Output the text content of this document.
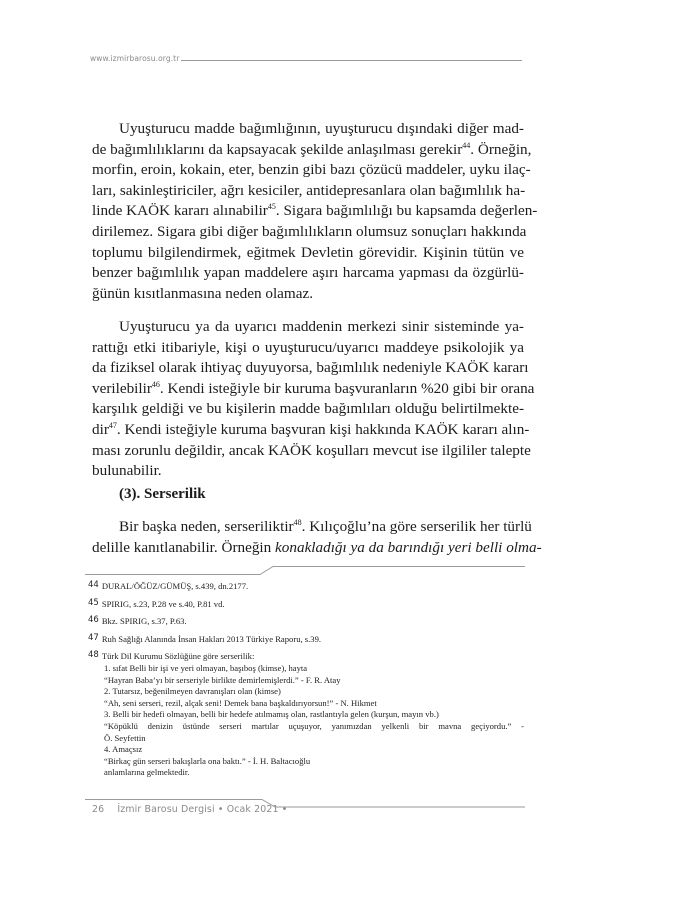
www.izmirbarosu.org.tr
Uyuşturucu madde bağımlığının, uyuşturucu dışındaki diğer mad-
de bağımlılıklarını da kapsayacak şekilde anlaşılması gerekir$^{44}$. Örneğin,
morfin, eroin, kokain, eter, benzin gibi bazı çözücü maddeler, uyku ilaç-
ları, sakinleştiriciler, ağrı kesiciler, antidepresanlara olan bağımlılık ha-
linde KAÖK kararı alınabilir$^{45}$. Sigara bağımlılığı bu kapsamda değerlen-
dirilemez. Sigara gibi diğer bağımlılıkların olumsuz sonuçları hakkında
toplumu bilgilendirmek, eğitmek Devletin görevidir. Kişinin tütün ve
benzer bağımlılık yapan maddelere aşırı harcama yapması da özgürlü-
ğünün kısıtlanmasına neden olamaz.
Uyuşturucu ya da uyarıcı maddenin merkezi sinir sisteminde ya-
rattığı etki itibariyle, kişi o uyuşturucu/uyarıcı maddeye psikolojik ya
da fiziksel olarak ihtiyaç duyuyorsa, bağımlılık nedeniyle KAÖK kararı
verilebilir$^{46}$. Kendi isteğiyle bir kuruma başvuranların %20 gibi bir orana
karşılık geldiği ve bu kişilerin madde bağımlıları olduğu belirtilmekte-
dir$^{47}$. Kendi isteğiyle kuruma başvuran kişi hakkında KAÖK kararı alın-
ması zorunlu değildir, ancak KAÖK koşulları mevcut ise ilgililer talepte
bulunabilir.
(3). Serserilik
Bir başka neden, serseriliktir$^{48}$. Kılıçoğlu’na göre serserilik her türlü
delille kanıtlanabilir. Örneğin konakladığı ya da barındığı yeri belli olma-
44 DURAL/ÖĞÜZ/GÜMÜŞ, s.439, dn.2177.
45 SPIRIG, s.23, P.28 ve s.40, P.81 vd.
46 Bkz. SPIRIG, s.37, P.63.
47 Ruh Sağlığı Alanında İnsan Hakları 2013 Türkiye Raporu, s.39.
48 Türk Dil Kurumu Sözlüğüne göre serserilik:
1. sıfat Belli bir işi ve yeri olmayan, başıboş (kimse), hayta
“Hayran Baba’yı bir serseriyle birlikte demirlemişlerdi.” - F. R. Atay
2. Tutarsız, beğenilmeyen davranışları olan (kimse)
“Ah, seni serseri, rezil, alçak seni! Demek bana başkaldırıyorsun!” - N. Hikmet
3. Belli bir hedefi olmayan, belli bir hedefe atılmamış olan, rastlantıyla gelen (kurşun, mayın vb.)
“Köpüklü denizin üstünde serseri martılar uçuşuyor, yanımızdan yelkenli bir mavna geçiyordu.” -
Ö. Seyfettin
4. Amaçsız
“Birkaç gün serseri bakışlarla ona baktı.” - İ. H. Baltacıoğlu
anlamlarına gelmektedir.
26 İzmir Barosu Dergisi • Ocak 2021 •
